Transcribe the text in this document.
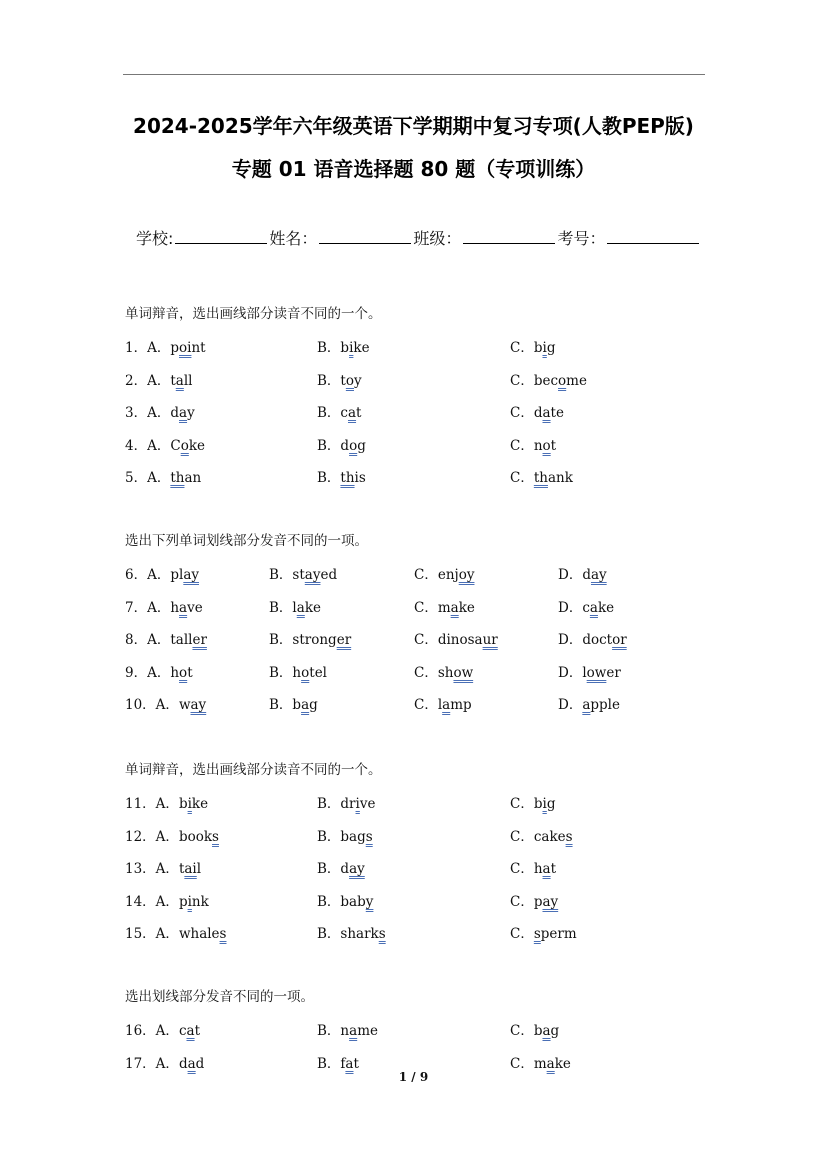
2024-2025学年六年级英语下学期期中复习专项(人教PEP版)
专题 01 语音选择题 80 题（专项训练）
学校:	姓名：	班级：	考号：
单词辩音，选出画线部分读音不同的一个。
1．A．point	B．bike	C．big
2．A．tall	B．toy	C．become
3．A．day	B．cat	C．date
4．A．Coke	B．dog	C．not
5．A．than	B．this	C．thank
选出下列单词划线部分发音不同的一项。
6．A．play	B．stayed	C．enjoy	D．day
7．A．have	B．lake	C．make	D．cake
8．A．taller	B．stronger	C．dinosaur	D．doctor
9．A．hot	B．hotel	C．show	D．lower
10．A．way	B．bag	C．lamp	D．apple
单词辩音，选出画线部分读音不同的一个。
11．A．bike	B．drive	C．big
12．A．books	B．bags	C．cakes
13．A．tail	B．day	C．hat
14．A．pink	B．baby	C．pay
15．A．whales	B．sharks	C．sperm
选出划线部分发音不同的一项。
16．A．cat	B．name	C．bag
17．A．dad	B．fat	C．make
1 / 9
